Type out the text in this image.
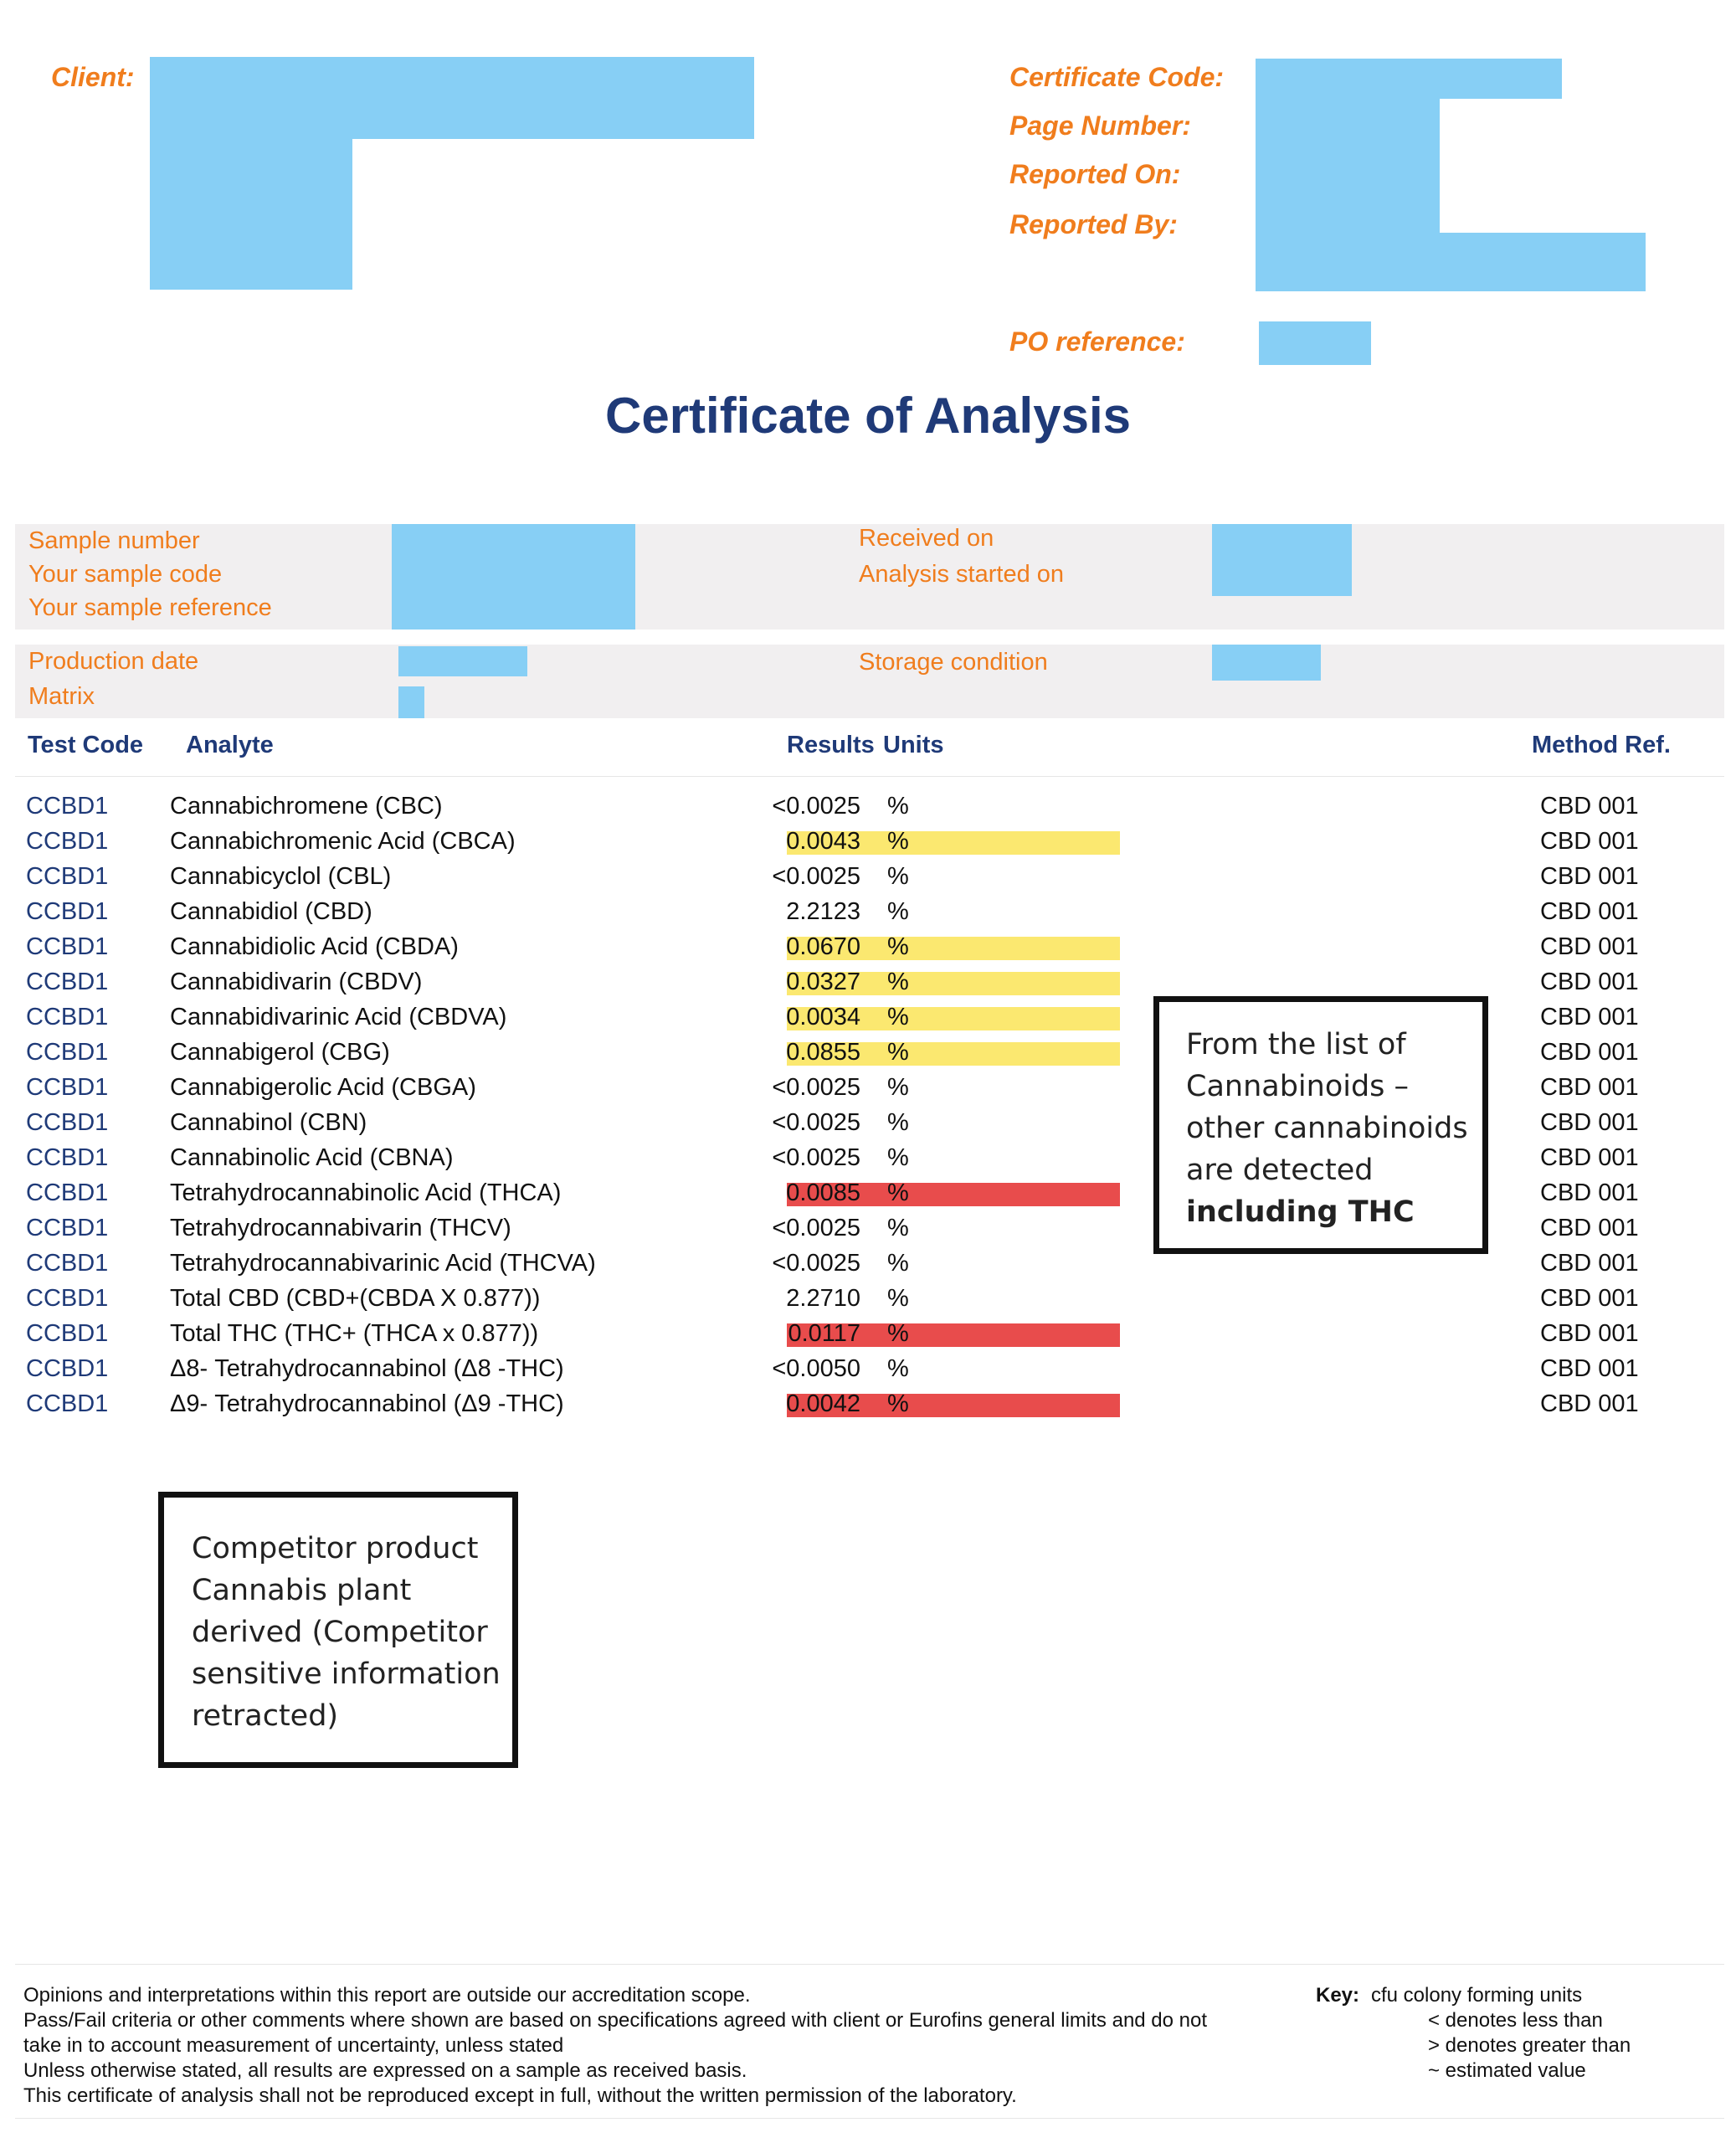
Client:	Certificate Code:
Page Number:
Reported On:
Reported By:
PO reference:
Certificate of Analysis
Sample number
Your sample code
Your sample reference
Received on
Analysis started on
Production date
Matrix
Storage condition
Test Code Analyte	Results Units	Method Ref.
CCBD1	Cannabichromene (CBC)	<0.0025 %	CBD 001
CCBD1	Cannabichromenic Acid (CBCA)	0.0043 %	CBD 001
CCBD1	Cannabicyclol (CBL)	<0.0025 %	CBD 001
CCBD1	Cannabidiol (CBD)	2.2123 %	CBD 001
CCBD1	Cannabidiolic Acid (CBDA)	0.0670 %	CBD 001
CCBD1	Cannabidivarin (CBDV)	0.0327 %	CBD 001
CCBD1	Cannabidivarinic Acid (CBDVA)	0.0034 %	CBD 001
CCBD1	Cannabigerol (CBG)	0.0855 %	CBD 001
CCBD1	Cannabigerolic Acid (CBGA)	<0.0025 %	CBD 001
CCBD1	Cannabinol (CBN)	<0.0025 %	CBD 001
CCBD1	Cannabinolic Acid (CBNA)	<0.0025 %	CBD 001
CCBD1	Tetrahydrocannabinolic Acid (THCA)	0.0085 %	CBD 001
CCBD1	Tetrahydrocannabivarin (THCV)	<0.0025 %	CBD 001
CCBD1	Tetrahydrocannabivarinic Acid (THCVA)	<0.0025 %	CBD 001
CCBD1	Total CBD (CBD+(CBDA X 0.877))	2.2710 %	CBD 001
CCBD1	Total THC (THC+ (THCA x 0.877))	0.0117 %	CBD 001
CCBD1	Δ8- Tetrahydrocannabinol (Δ8 -THC)	<0.0050 %	CBD 001
CCBD1	Δ9- Tetrahydrocannabinol (Δ9 -THC)	0.0042 %	CBD 001
From the list of
Cannabinoids –
other cannabinoids
are detected
including THC
Competitor product
Cannabis plant
derived (Competitor
sensitive information
retracted)
Opinions and interpretations within this report are outside our accreditation scope.
Pass/Fail criteria or other comments where shown are based on specifications agreed with client or Eurofins general limits and do not
take in to account measurement of uncertainty, unless stated
Unless otherwise stated, all results are expressed on a sample as received basis.
This certificate of analysis shall not be reproduced except in full, without the written permission of the laboratory.
Key: cfu colony forming units
< denotes less than
> denotes greater than
~ estimated value
